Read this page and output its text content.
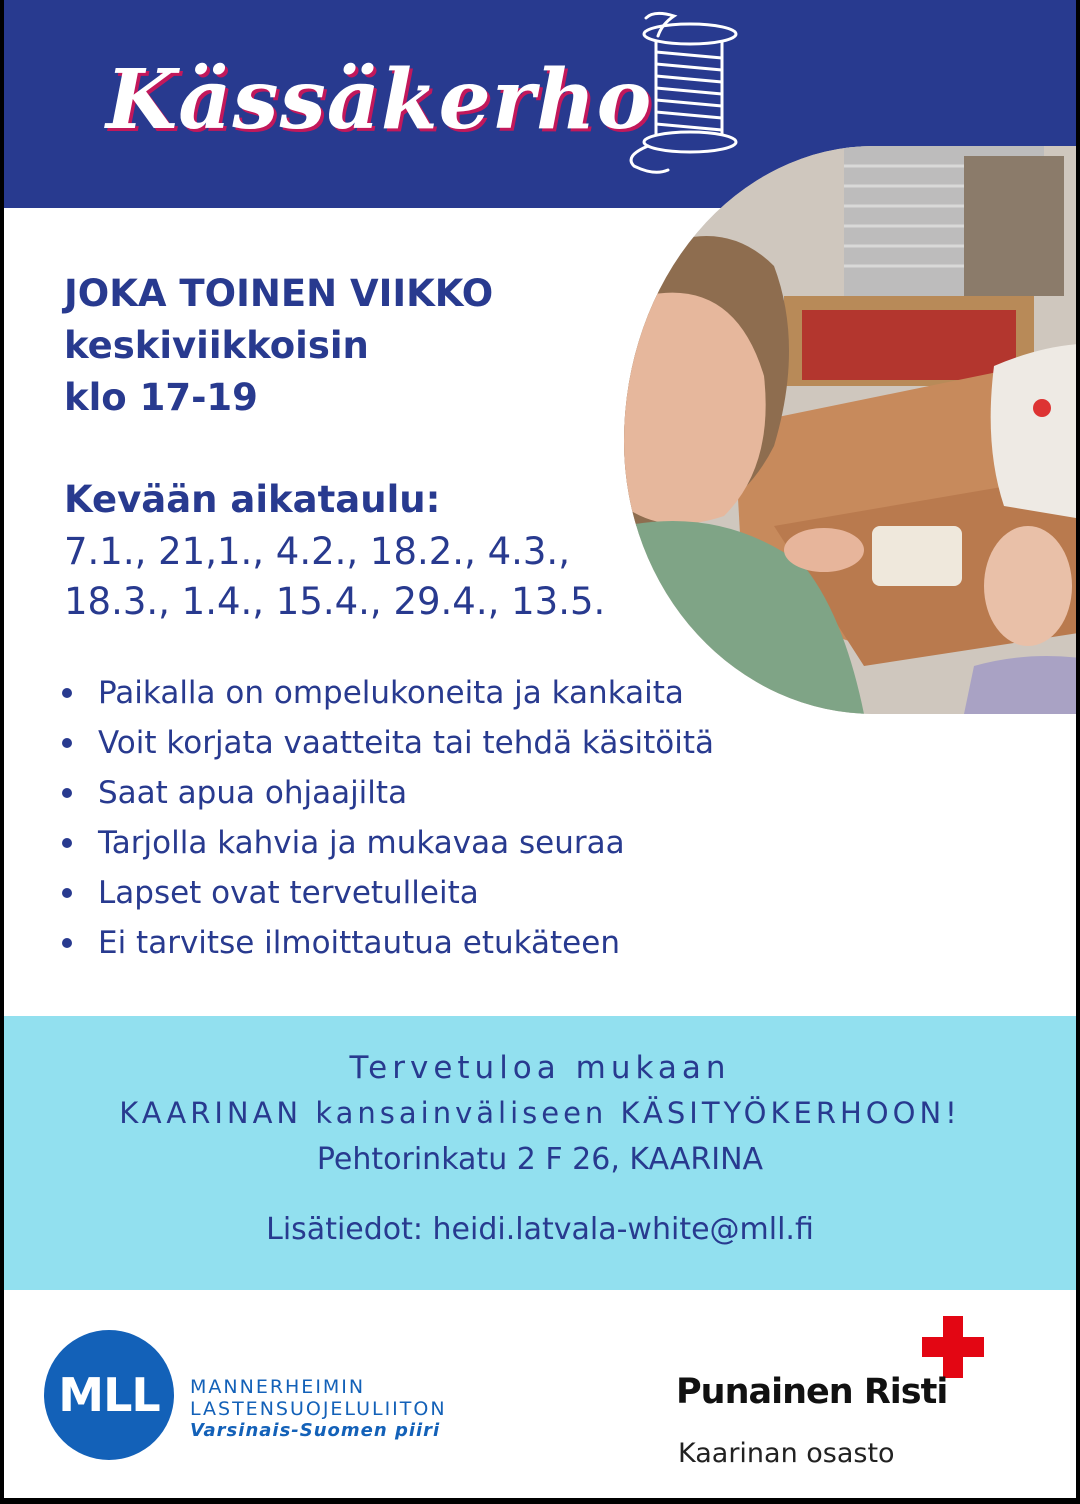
Kässäkerho
JOKA TOINEN VIIKKO
keskiviikkoisin
klo 17-19
Kevään aikataulu:
7.1., 21,1., 4.2., 18.2., 4.3.,
18.3., 1.4., 15.4., 29.4., 13.5.
Paikalla on ompelukoneita ja kankaita
Voit korjata vaatteita tai tehdä käsitöitä
Saat apua ohjaajilta
Tarjolla kahvia ja mukavaa seuraa
Lapset ovat tervetulleita
Ei tarvitse ilmoittautua etukäteen
Tervetuloa mukaan
KAARINAN kansainväliseen KÄSITYÖKERHOON!
Pehtorinkatu 2 F 26, KAARINA
Lisätiedot: heidi.latvala-white@mll.fi
MLL MANNERHEIMIN
LASTENSUOJELULIITON
Varsinais-Suomen piiri
Punainen Risti
Kaarinan osasto
